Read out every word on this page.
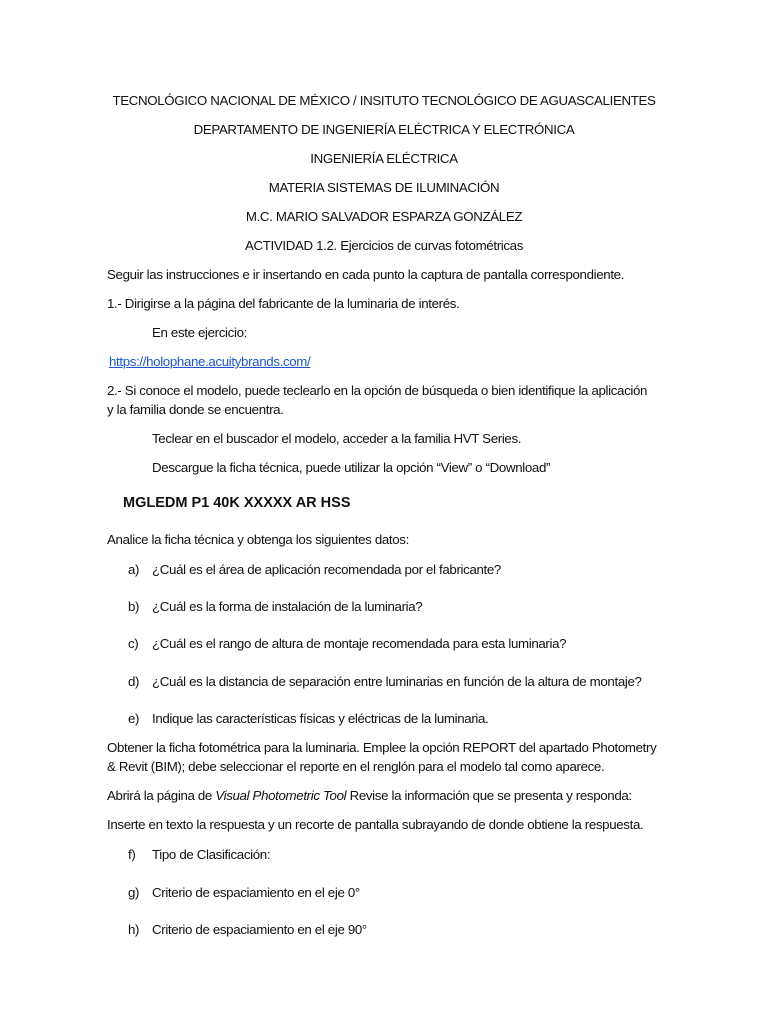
TECNOLÓGICO NACIONAL DE MÉXICO / INSITUTO TECNOLÓGICO DE AGUASCALIENTES
DEPARTAMENTO DE INGENIERÍA ELÉCTRICA Y ELECTRÓNICA
INGENIERÍA ELÉCTRICA
MATERIA SISTEMAS DE ILUMINACIÓN
M.C. MARIO SALVADOR ESPARZA GONZÁLEZ
ACTIVIDAD 1.2. Ejercicios de curvas fotométricas
Seguir las instrucciones e ir insertando en cada punto la captura de pantalla correspondiente.
1.- Dirigirse a la página del fabricante de la luminaria de interés.
En este ejercicio:
https://holophane.acuitybrands.com/
2.- Si conoce el modelo, puede teclearlo en la opción de búsqueda o bien identifique la aplicación
y la familia donde se encuentra.
Teclear en el buscador el modelo, acceder a la familia HVT Series.
Descargue la ficha técnica, puede utilizar la opción “View” o “Download”
MGLEDM P1 40K XXXXX AR HSS
Analice la ficha técnica y obtenga los siguientes datos:
a) ¿Cuál es el área de aplicación recomendada por el fabricante?
b) ¿Cuál es la forma de instalación de la luminaria?
c) ¿Cuál es el rango de altura de montaje recomendada para esta luminaria?
d) ¿Cuál es la distancia de separación entre luminarias en función de la altura de montaje?
e) Indique las características físicas y eléctricas de la luminaria.
Obtener la ficha fotométrica para la luminaria. Emplee la opción REPORT del apartado Photometry
& Revit (BIM); debe seleccionar el reporte en el renglón para el modelo tal como aparece.
Abrirá la página de Visual Photometric Tool Revise la información que se presenta y responda:
Inserte en texto la respuesta y un recorte de pantalla subrayando de donde obtiene la respuesta.
f) Tipo de Clasificación:
g) Criterio de espaciamiento en el eje 0°
h) Criterio de espaciamiento en el eje 90°
